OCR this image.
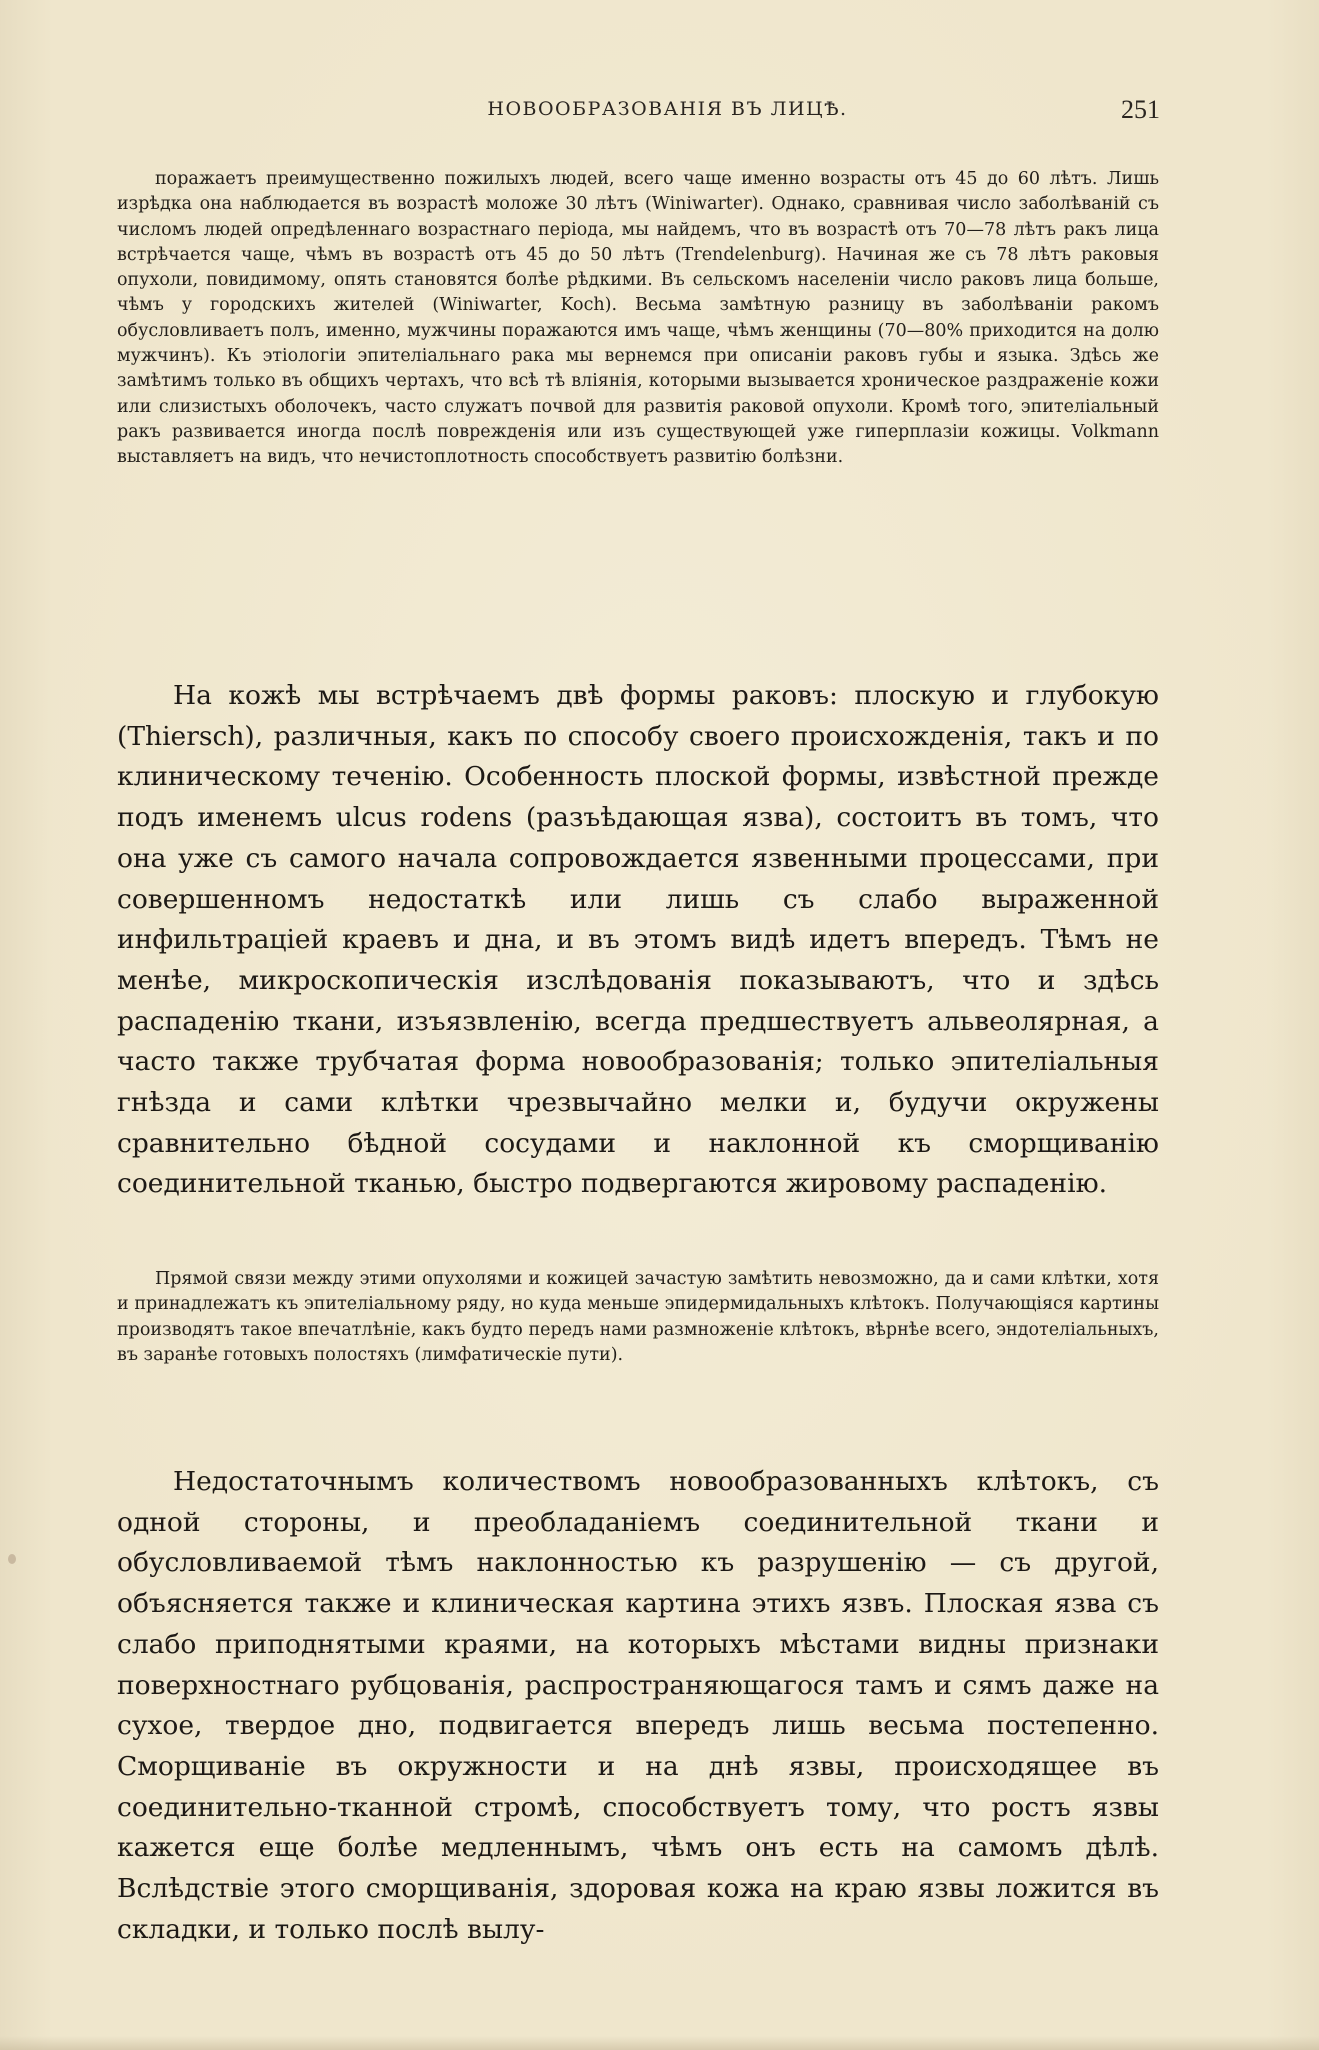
НОВООБРАЗОВАНІЯ ВЪ ЛИЦѢ.	251

поражаетъ преимущественно пожилыхъ людей, всего чаще именно возрасты отъ 45 до 60 лѣтъ. Лишь изрѣдка она наблюдается въ возрастѣ моложе 30 лѣтъ (Winiwarter). Однако, сравнивая число заболѣваній съ числомъ людей опредѣленнаго возрастнаго періода, мы найдемъ, что въ возрастѣ отъ 70—78 лѣтъ ракъ лица встрѣчается чаще, чѣмъ въ возрастѣ отъ 45 до 50 лѣтъ (Trendelenburg). Начиная же съ 78 лѣтъ раковыя опухоли, повидимому, опять становятся болѣе рѣдкими. Въ сельскомъ населеніи число раковъ лица больше, чѣмъ у городскихъ жителей (Winiwarter, Koch). Весьма замѣтную разницу въ заболѣваніи ракомъ обусловливаетъ полъ, именно, мужчины поражаются имъ чаще, чѣмъ женщины (70—80% приходится на долю мужчинъ). Къ этіологіи эпителіальнаго рака мы вернемся при описаніи раковъ губы и языка. Здѣсь же замѣтимъ только въ общихъ чертахъ, что всѣ тѣ вліянія, которыми вызывается хроническое раздраженіе кожи или слизистыхъ оболочекъ, часто служатъ почвой для развитія раковой опухоли. Кромѣ того, эпителіальный ракъ развивается иногда послѣ поврежденія или изъ существующей уже гиперплазіи кожицы. Volkmann выставляетъ на видъ, что нечистоплотность способствуетъ развитію болѣзни.

На кожѣ мы встрѣчаемъ двѣ формы раковъ: плоскую и глубокую (Thiersch), различныя, какъ по способу своего происхожденія, такъ и по клиническому теченію. Особенность плоской формы, извѣстной прежде подъ именемъ ulcus rodens (разъѣдающая язва), состоитъ въ томъ, что она уже съ самого начала сопровождается язвенными процессами, при совершенномъ недостаткѣ или лишь съ слабо выраженной инфильтраціей краевъ и дна, и въ этомъ видѣ идетъ впередъ. Тѣмъ не менѣе, микроскопическія изслѣдованія показываютъ, что и здѣсь распаденію ткани, изъязвленію, всегда предшествуетъ альвеолярная, а часто также трубчатая форма новообразованія; только эпителіальныя гнѣзда и сами клѣтки чрезвычайно мелки и, будучи окружены сравнительно бѣдной сосудами и наклонной къ сморщиванію соединительной тканью, быстро подвергаются жировому распаденію.

Прямой связи между этими опухолями и кожицей зачастую замѣтить невозможно, да и сами клѣтки, хотя и принадлежатъ къ эпителіальному ряду, но куда меньше эпидермидальныхъ клѣтокъ. Получающіяся картины производятъ такое впечатлѣніе, какъ будто передъ нами размноженіе клѣтокъ, вѣрнѣе всего, эндотеліальныхъ, въ заранѣе готовыхъ полостяхъ (лимфатическіе пути).

Недостаточнымъ количествомъ новообразованныхъ клѣтокъ, съ одной стороны, и преобладаніемъ соединительной ткани и обусловливаемой тѣмъ наклонностью къ разрушенію — съ другой, объясняется также и клиническая картина этихъ язвъ. Плоская язва съ слабо приподнятыми краями, на которыхъ мѣстами видны признаки поверхностнаго рубцованія, распространяющагося тамъ и сямъ даже на сухое, твердое дно, подвигается впередъ лишь весьма постепенно. Сморщиваніе въ окружности и на днѣ язвы, происходящее въ соединительно-тканной стромѣ, способствуетъ тому, что ростъ язвы кажется еще болѣе медленнымъ, чѣмъ онъ есть на самомъ дѣлѣ. Вслѣдствіе этого сморщиванія, здоровая кожа на краю язвы ложится въ складки, и только послѣ вылу-
